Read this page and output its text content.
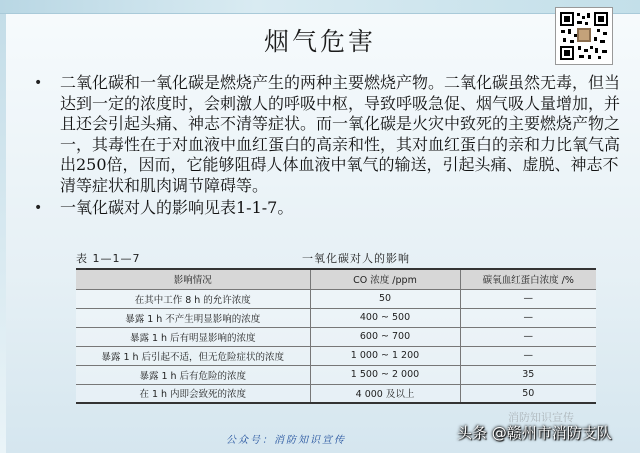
烟气危害
• 二氧化碳和一氧化碳是燃烧产生的两种主要燃烧产物。二氧化碳虽然无毒，但当达到一定的浓度时，会刺激人的呼吸中枢，导致呼吸急促、烟气吸人量增加，并且还会引起头痛、神志不清等症状。而一氧化碳是火灾中致死的主要燃烧产物之一，其毒性在于对血液中血红蛋白的高亲和性，其对血红蛋白的亲和力比氧气高出250倍，因而，它能够阻碍人体血液中氧气的输送，引起头痛、虚脱、神志不清等症状和肌肉调节障碍等。
• 一氧化碳对人的影响见表1-1-7。
表 1—1—7	一氧化碳对人的影响
影响情况	CO 浓度 /ppm	碳氧血红蛋白浓度 /%
在其中工作 8 h 的允许浓度	50	—
暴露 1 h 不产生明显影响的浓度	400 ~ 500	—
暴露 1 h 后有明显影响的浓度	600 ~ 700	—
暴露 1 h 后引起不适，但无危险症状的浓度	1 000 ~ 1 200	—
暴露 1 h 后有危险的浓度	1 500 ~ 2 000	35
在 1 h 内即会致死的浓度	4 000 及以上	50
公众号：消防知识宣传
消防知识宣传
头条 @赣州市消防支队
